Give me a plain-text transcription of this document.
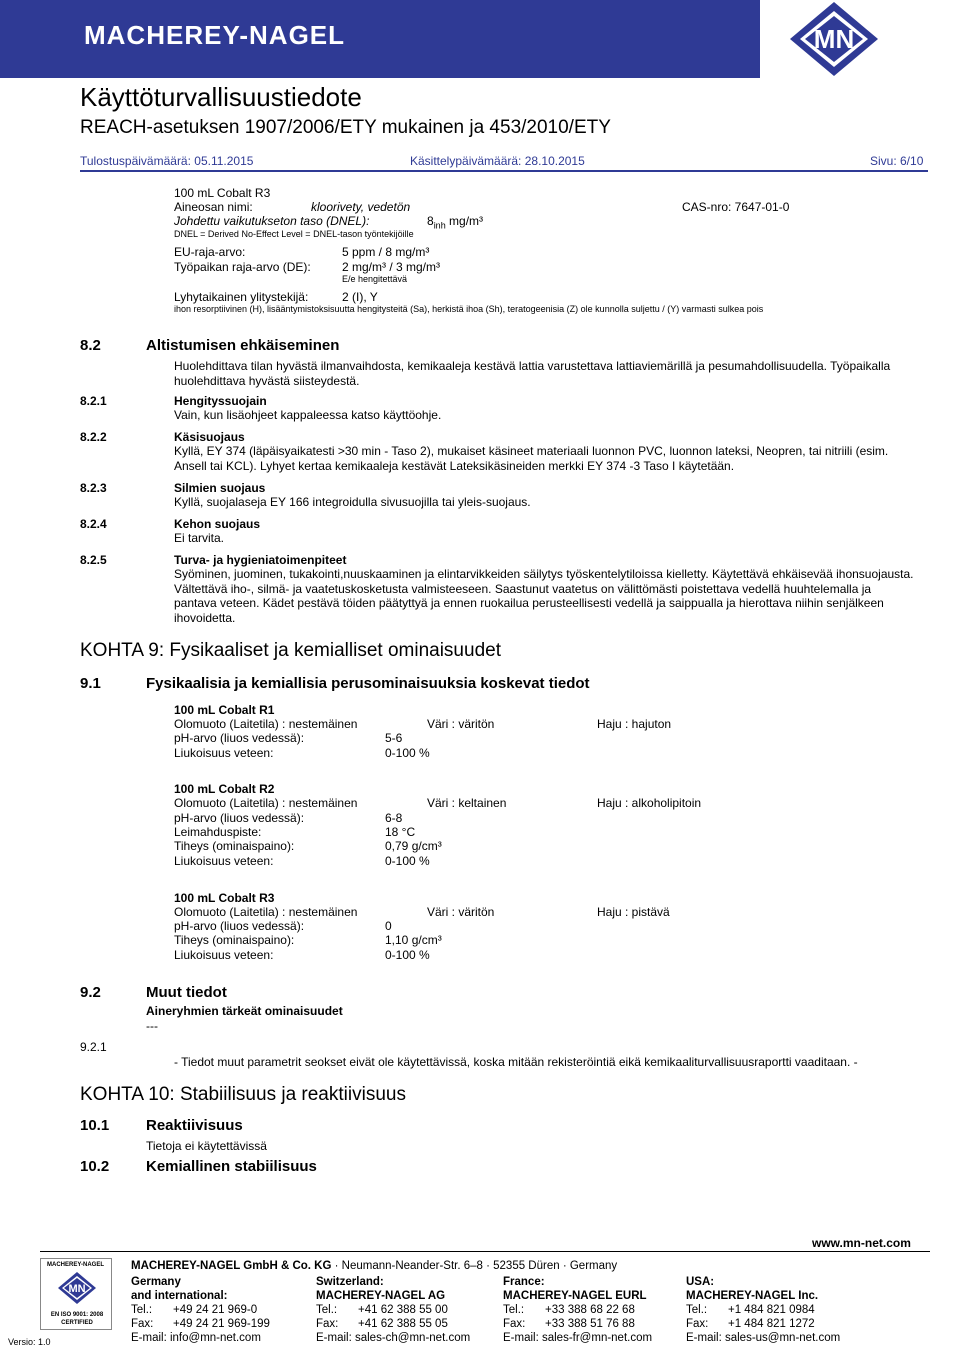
MACHEREY-NAGEL	MN
Käyttöturvallisuustiedote
REACH-asetuksen 1907/2006/ETY mukainen ja 453/2010/ETY
Tulostuspäivämäärä: 05.11.2015	Käsittelypäivämäärä: 28.10.2015	Sivu: 6/10
100 mL Cobalt R3
Aineosan nimi:	kloorivety, vedetön	CAS-nro: 7647-01-0
Johdettu vaikutukseton taso (DNEL):	$8_{inh}$ mg/m³
DNEL = Derived No-Effect Level = DNEL-tason työntekijöille
EU-raja-arvo:	5 ppm / 8 mg/m³
Työpaikan raja-arvo (DE):	2 mg/m³ / 3 mg/m³
E/e hengitettävä
Lyhytaikainen ylitystekijä:	2 (I), Y
ihon resorptiivinen (H), lisääntymistoksisuutta hengitysteitä (Sa), herkistä ihoa (Sh), teratogeenisia (Z) ole kunnolla suljettu / (Y) varmasti sulkea pois
8.2	Altistumisen ehkäiseminen
Huolehdittava tilan hyvästä ilmanvaihdosta, kemikaaleja kestävä lattia varustettava lattiaviemärillä ja pesumahdollisuudella. Työpaikalla huolehdittava hyvästä siisteydestä.
8.2.1	Hengityssuojain
Vain, kun lisäohjeet kappaleessa katso käyttöohje.
8.2.2	Käsisuojaus
Kyllä, EY 374 (läpäisyaikatesti >30 min - Taso 2), mukaiset käsineet materiaali luonnon PVC, luonnon lateksi, Neopren, tai nitriili (esim. Ansell tai KCL). Lyhyet kertaa kemikaaleja kestävät Lateksikäsineiden merkki EY 374 -3 Taso I käytetään.
8.2.3	Silmien suojaus
Kyllä, suojalaseja EY 166 integroidulla sivusuojilla tai yleis-suojaus.
8.2.4	Kehon suojaus
Ei tarvita.
8.2.5	Turva- ja hygieniatoimenpiteet
Syöminen, juominen, tukakointi,nuuskaaminen ja elintarvikkeiden säilytys työskentelytiloissa kielletty. Käytettävä ehkäisevää ihonsuojausta. Vältettävä iho-, silmä- ja vaatetuskosketusta valmisteeseen. Saastunut vaatetus on välittömästi poistettava vedellä huuhtelemalla ja pantava veteen. Kädet pestävä töiden päätyttyä ja ennen ruokailua perusteellisesti vedellä ja saippualla ja hierottava niihin senjälkeen ihovoidetta.
KOHTA 9: Fysikaaliset ja kemialliset ominaisuudet
9.1	Fysikaalisia ja kemiallisia perusominaisuuksia koskevat tiedot
100 mL Cobalt R1
Olomuoto (Laitetila) : nestemäinen	Väri : väritön	Haju : hajuton
pH-arvo (liuos vedessä):	5-6
Liukoisuus veteen:	0-100 %
100 mL Cobalt R2
Olomuoto (Laitetila) : nestemäinen	Väri : keltainen	Haju : alkoholipitoin
pH-arvo (liuos vedessä):	6-8
Leimahduspiste:	18 °C
Tiheys (ominaispaino):	0,79 g/cm³
Liukoisuus veteen:	0-100 %
100 mL Cobalt R3
Olomuoto (Laitetila) : nestemäinen	Väri : väritön	Haju : pistävä
pH-arvo (liuos vedessä):	0
Tiheys (ominaispaino):	1,10 g/cm³
Liukoisuus veteen:	0-100 %
9.2	Muut tiedot
Aineryhmien tärkeät ominaisuudet
---
9.2.1
- Tiedot muut parametrit seokset eivät ole käytettävissä, koska mitään rekisteröintiä eikä kemikaaliturvallisuusraportti vaaditaan. -
KOHTA 10: Stabiilisuus ja reaktiivisuus
10.1 Reaktiivisuus
Tietoja ei käytettävissä
10.2 Kemiallinen stabiilisuus
www.mn-net.com
MACHEREY-NAGEL
MN
EN ISO 9001: 2008 CERTIFIED
Versio: 1.0
MACHEREY-NAGEL GmbH & Co. KG · Neumann-Neander-Str. 6–8 · 52355 Düren · Germany
Germany
and international:
Tel.: +49 24 21 969-0
Fax: +49 24 21 969-199
E-mail: info@mn-net.com
Switzerland:
MACHEREY-NAGEL AG
Tel.: +41 62 388 55 00
Fax: +41 62 388 55 05
E-mail: sales-ch@mn-net.com
France:
MACHEREY-NAGEL EURL
Tel.: +33 388 68 22 68
Fax: +33 388 51 76 88
E-mail: sales-fr@mn-net.com
USA:
MACHEREY-NAGEL Inc.
Tel.: +1 484 821 0984
Fax: +1 484 821 1272
E-mail: sales-us@mn-net.com
